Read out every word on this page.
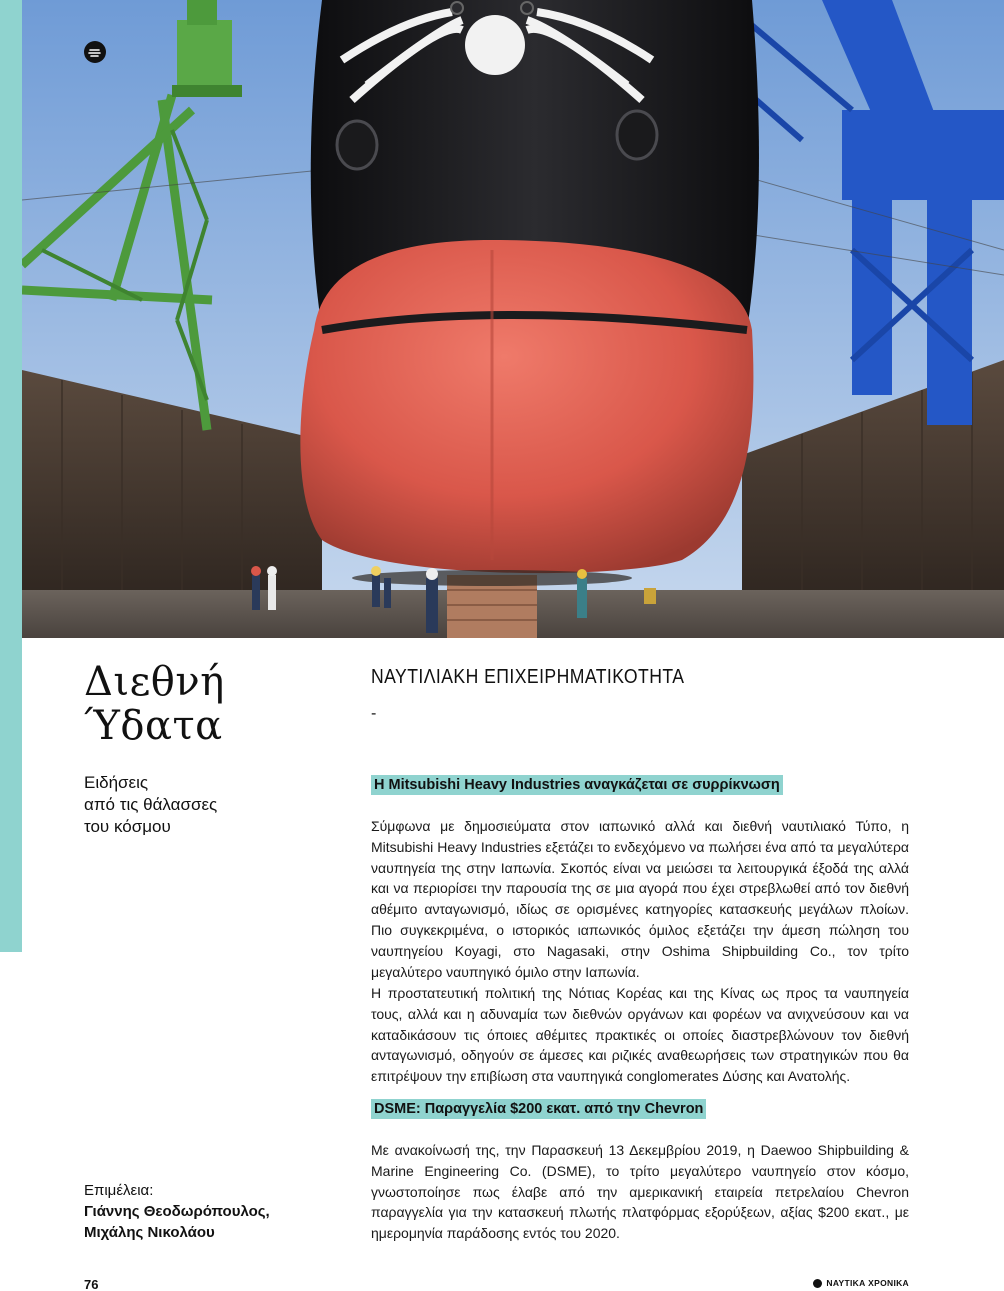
Διεθνή
Ύδατα
Ειδήσεις
από τις θάλασσες
του κόσμου
ΝΑΥΤΙΛΙΑΚΗ ΕΠΙΧΕΙΡΗΜΑΤΙΚΟΤΗΤΑ
-
Η Mitsubishi Heavy Industries αναγκάζεται σε συρρίκνωση

Σύμφωνα με δημοσιεύματα στον ιαπωνικό αλλά και διεθνή ναυτιλιακό Τύπο, η Mitsubishi Heavy Industries εξετάζει το ενδεχόμενο να πωλήσει ένα από τα μεγαλύτερα ναυπηγεία της στην Ιαπωνία. Σκοπός είναι να μειώσει τα λειτουργικά έξοδά της αλλά και να περιορίσει την παρουσία της σε μια αγορά που έχει στρεβλωθεί από τον διεθνή αθέμιτο ανταγωνισμό, ιδίως σε ορισμένες κατηγορίες κατασκευής μεγάλων πλοίων. Πιο συγκεκριμένα, ο ιστορικός ιαπωνικός όμιλος εξετάζει την άμεση πώληση του ναυπηγείου Koyagi, στο Nagasaki, στην Oshima Shipbuilding Co., τον τρίτο μεγαλύτερο ναυπηγικό όμιλο στην Ιαπωνία.

Η προστατευτική πολιτική της Νότιας Κορέας και της Κίνας ως προς τα ναυπηγεία τους, αλλά και η αδυναμία των διεθνών οργάνων και φορέων να ανιχνεύσουν και να καταδικάσουν τις όποιες αθέμιτες πρακτικές οι οποίες διαστρεβλώνουν τον διεθνή ανταγωνισμό, οδηγούν σε άμεσες και ριζικές αναθεωρήσεις των στρατηγικών που θα επιτρέψουν την επιβίωση στα ναυπηγικά conglomerates Δύσης και Ανατολής.

DSME: Παραγγελία $200 εκατ. από την Chevron

Με ανακοίνωσή της, την Παρασκευή 13 Δεκεμβρίου 2019, η Daewoo Shipbuilding & Marine Engineering Co. (DSME), το τρίτο μεγαλύτερο ναυπηγείο στον κόσμο, γνωστοποίησε πως έλαβε από την αμερικανική εταιρεία πετρελαίου Chevron παραγγελία για την κατασκευή πλωτής πλατφόρμας εξορύξεων, αξίας $200 εκατ., με ημερομηνία παράδοσης εντός του 2020.

Επιμέλεια:
Γιάννης Θεοδωρόπουλος,
Μιχάλης Νικολάου
76	ΝΑΥΤΙΚΑ ΧΡΟΝΙΚΑ
